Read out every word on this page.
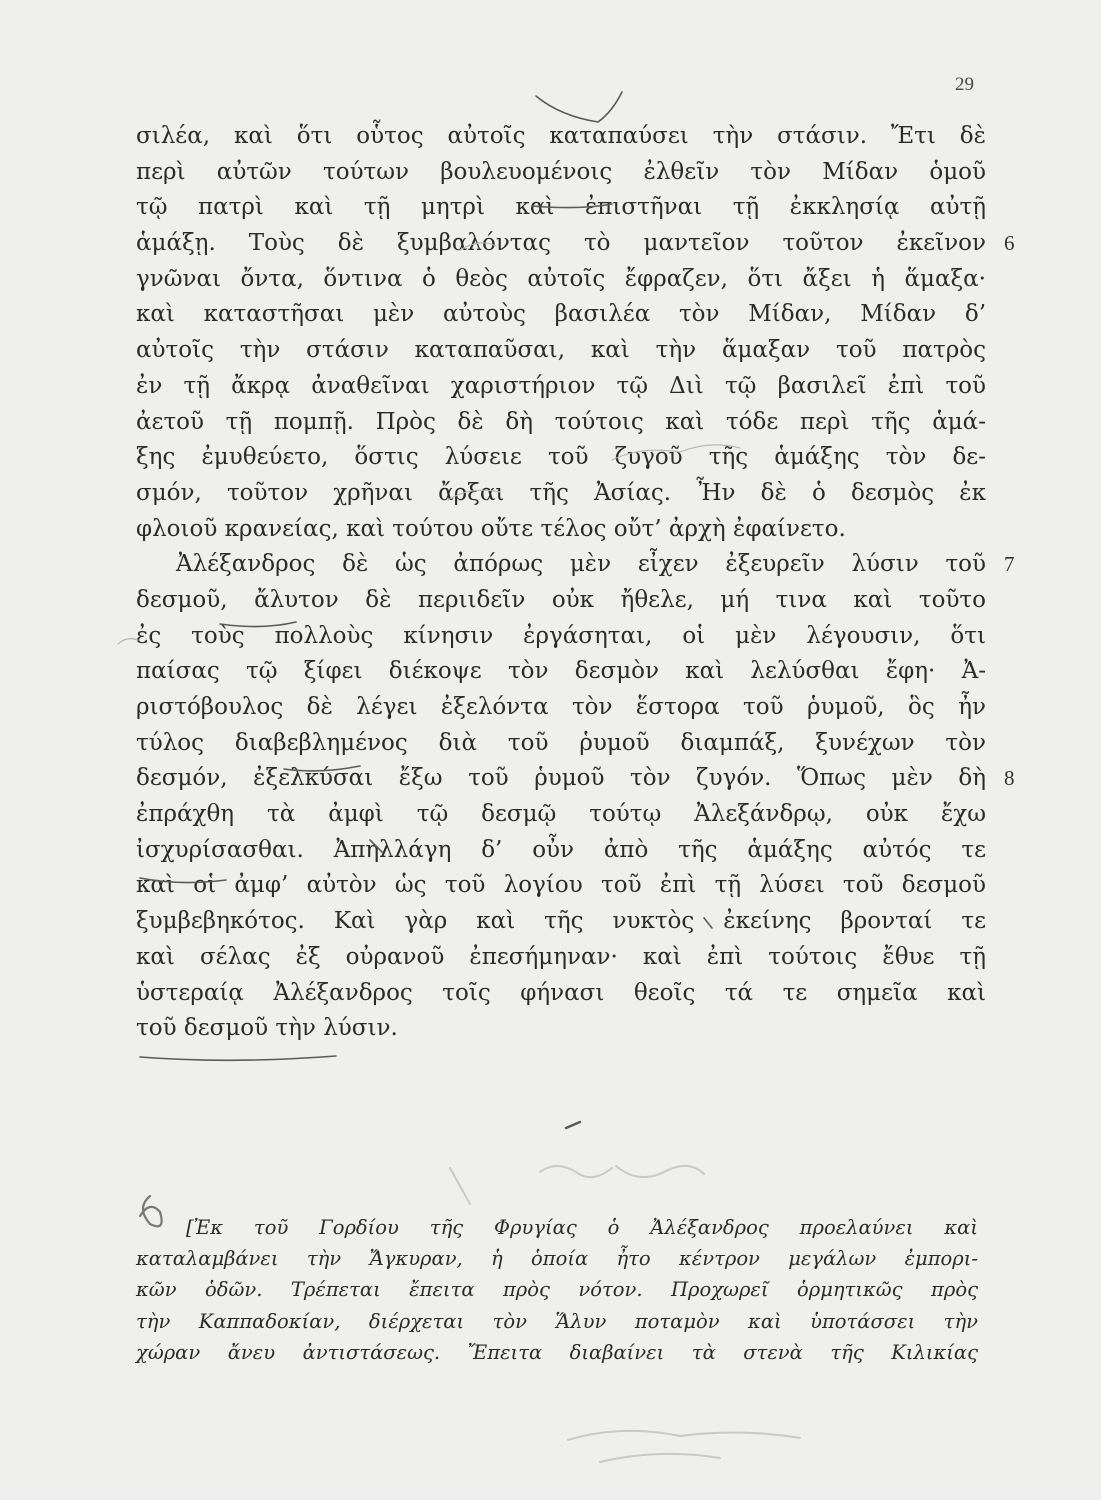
29
σιλέα, καὶ ὅτι οὗτος αὐτοῖς καταπαύσει τὴν στάσιν. Ἔτι δὲ
περὶ αὐτῶν τούτων βουλευομένοις ἐλθεῖν τὸν Μίδαν ὁμοῦ
τῷ πατρὶ καὶ τῇ μητρὶ καὶ ἐπιστῆναι τῇ ἐκκλησίᾳ αὐτῇ
ἁμάξῃ. Τοὺς δὲ ξυμβαλόντας τὸ μαντεῖον τοῦτον ἐκεῖνον 6
γνῶναι ὄντα, ὅντινα ὁ θεὸς αὐτοῖς ἔφραζεν, ὅτι ἄξει ἡ ἅμαξα·
καὶ καταστῆσαι μὲν αὐτοὺς βασιλέα τὸν Μίδαν, Μίδαν δ’
αὐτοῖς τὴν στάσιν καταπαῦσαι, καὶ τὴν ἅμαξαν τοῦ πατρὸς
ἐν τῇ ἄκρᾳ ἀναθεῖναι χαριστήριον τῷ Διὶ τῷ βασιλεῖ ἐπὶ τοῦ
ἀετοῦ τῇ πομπῇ. Πρὸς δὲ δὴ τούτοις καὶ τόδε περὶ τῆς ἁμά-
ξης ἐμυθεύετο, ὅστις λύσειε τοῦ ζυγοῦ τῆς ἁμάξης τὸν δε-
σμόν, τοῦτον χρῆναι ἄρξαι τῆς Ἀσίας. Ἦν δὲ ὁ δεσμὸς ἐκ
φλοιοῦ κρανείας, καὶ τούτου οὔτε τέλος οὔτ’ ἀρχὴ ἐφαίνετο.
Ἀλέξανδρος δὲ ὡς ἀπόρως μὲν εἶχεν ἐξευρεῖν λύσιν τοῦ 7
δεσμοῦ, ἄλυτον δὲ περιιδεῖν οὐκ ἤθελε, μή τινα καὶ τοῦτο
ἐς τοὺς πολλοὺς κίνησιν ἐργάσηται, οἱ μὲν λέγουσιν, ὅτι
παίσας τῷ ξίφει διέκοψε τὸν δεσμὸν καὶ λελύσθαι ἔφη· Ἀ-
ριστόβουλος δὲ λέγει ἐξελόντα τὸν ἕστορα τοῦ ῥυμοῦ, ὃς ἦν
τύλος διαβεβλημένος διὰ τοῦ ῥυμοῦ διαμπάξ, ξυνέχων τὸν
δεσμόν, ἐξελκύσαι ἔξω τοῦ ῥυμοῦ τὸν ζυγόν. Ὅπως μὲν δὴ 8
ἐπράχθη τὰ ἀμφὶ τῷ δεσμῷ τούτῳ Ἀλεξάνδρῳ, οὐκ ἔχω
ἰσχυρίσασθαι. Ἀπηλλάγη δ’ οὖν ἀπὸ τῆς ἁμάξης αὐτός τε
καὶ οἱ ἀμφ’ αὐτὸν ὡς τοῦ λογίου τοῦ ἐπὶ τῇ λύσει τοῦ δεσμοῦ
ξυμβεβηκότος. Καὶ γὰρ καὶ τῆς νυκτὸς ἐκείνης βρονταί τε
καὶ σέλας ἐξ οὐρανοῦ ἐπεσήμηναν· καὶ ἐπὶ τούτοις ἔθυε τῇ
ὑστεραίᾳ Ἀλέξανδρος τοῖς φήνασι θεοῖς τά τε σημεῖα καὶ
τοῦ δεσμοῦ τὴν λύσιν.
[Ἐκ τοῦ Γορδίου τῆς Φρυγίας ὁ Ἀλέξανδρος προελαύνει καὶ
καταλαμβάνει τὴν Ἄγκυραν, ἡ ὁποία ἦτο κέντρον μεγάλων ἐμπορι-
κῶν ὁδῶν. Τρέπεται ἔπειτα πρὸς νότον. Προχωρεῖ ὁρμητικῶς πρὸς
τὴν Καππαδοκίαν, διέρχεται τὸν Ἅλυν ποταμὸν καὶ ὑποτάσσει τὴν
χώραν ἄνευ ἀντιστάσεως. Ἔπειτα διαβαίνει τὰ στενὰ τῆς Κιλικίας
